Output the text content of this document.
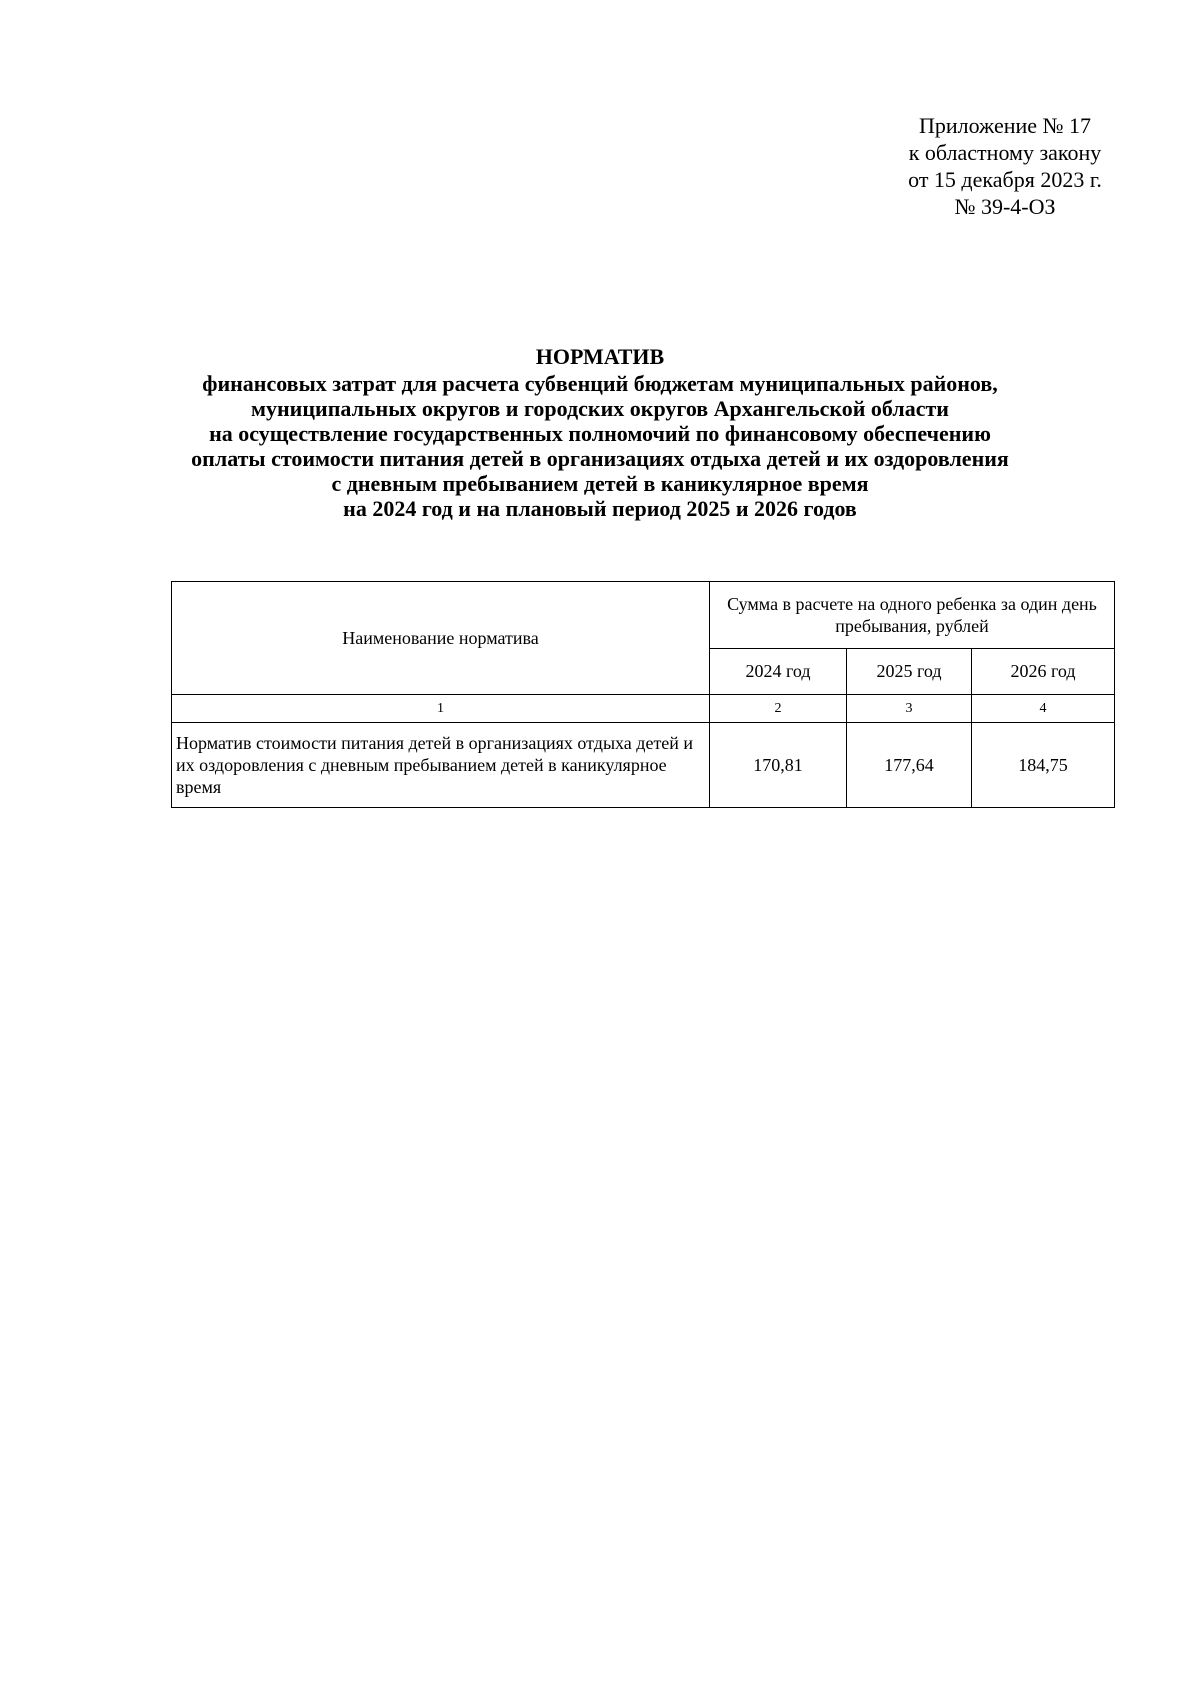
Приложение № 17
к областному закону
от 15 декабря 2023 г.
№ 39-4-ОЗ
НОРМАТИВ
финансовых затрат для расчета субвенций бюджетам муниципальных районов,
муниципальных округов и городских округов Архангельской области
на осуществление государственных полномочий по финансовому обеспечению
оплаты стоимости питания детей в организациях отдыха детей и их оздоровления
с дневным пребыванием детей в каникулярное время
на 2024 год и на плановый период 2025 и 2026 годов
Наименование норматива	Сумма в расчете на одного ребенка за один день пребывания, рублей		
	2024 год	2025 год	2026 год
1	2	3	4
Норматив стоимости питания детей в организациях отдыха детей и их оздоровления с дневным пребыванием детей в каникулярное время	170,81	177,64	184,75
